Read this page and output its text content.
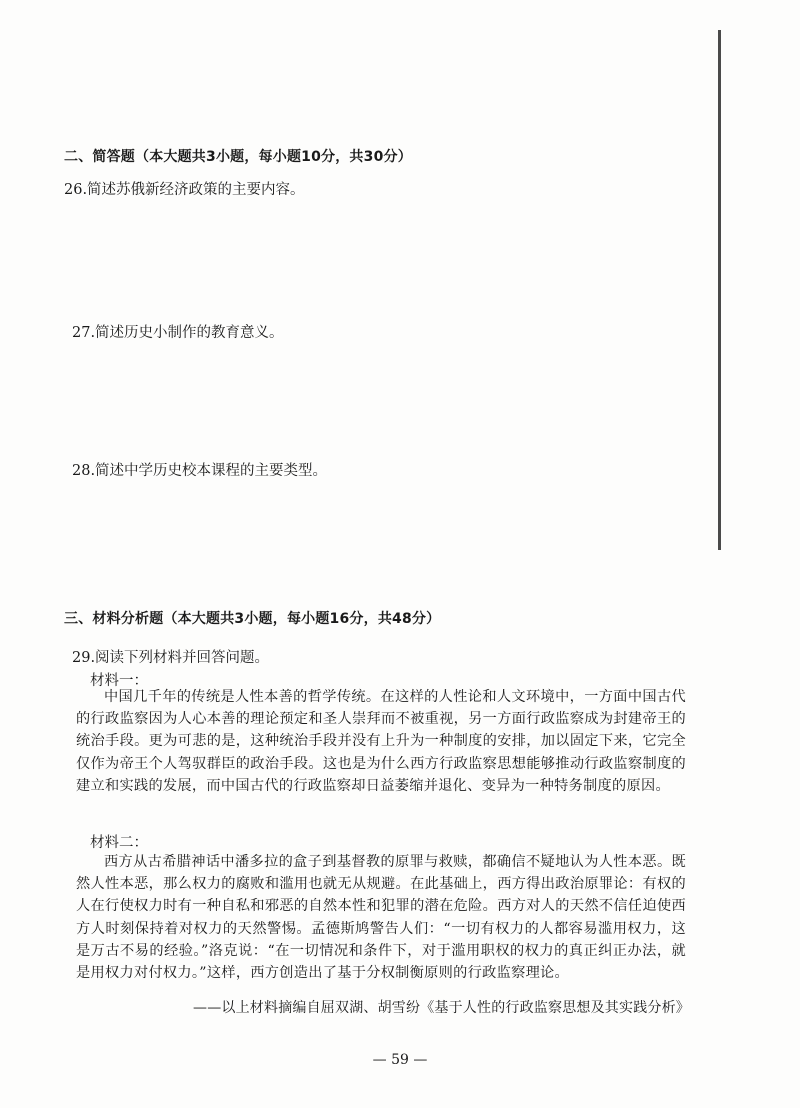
二、简答题（本大题共3小题，每小题10分，共30分）
26.简述苏俄新经济政策的主要内容。
27.简述历史小制作的教育意义。
28.简述中学历史校本课程的主要类型。
三、材料分析题（本大题共3小题，每小题16分，共48分）
29.阅读下列材料并回答问题。
材料一：
中国几千年的传统是人性本善的哲学传统。在这样的人性论和人文环境中，一方面中国古代的行政监察因为人心本善的理论预定和圣人崇拜而不被重视，另一方面行政监察成为封建帝王的统治手段。更为可悲的是，这种统治手段并没有上升为一种制度的安排，加以固定下来，它完全仅作为帝王个人驾驭群臣的政治手段。这也是为什么西方行政监察思想能够推动行政监察制度的建立和实践的发展，而中国古代的行政监察却日益萎缩并退化、变异为一种特务制度的原因。
材料二：
西方从古希腊神话中潘多拉的盒子到基督教的原罪与救赎，都确信不疑地认为人性本恶。既然人性本恶，那么权力的腐败和滥用也就无从规避。在此基础上，西方得出政治原罪论：有权的人在行使权力时有一种自私和邪恶的自然本性和犯罪的潜在危险。西方对人的天然不信任迫使西方人时刻保持着对权力的天然警惕。孟德斯鸠警告人们：“一切有权力的人都容易滥用权力，这是万古不易的经验。”洛克说：“在一切情况和条件下，对于滥用职权的权力的真正纠正办法，就是用权力对付权力。”这样，西方创造出了基于分权制衡原则的行政监察理论。
——以上材料摘编自屈双湖、胡雪纷《基于人性的行政监察思想及其实践分析》
— 59 —
